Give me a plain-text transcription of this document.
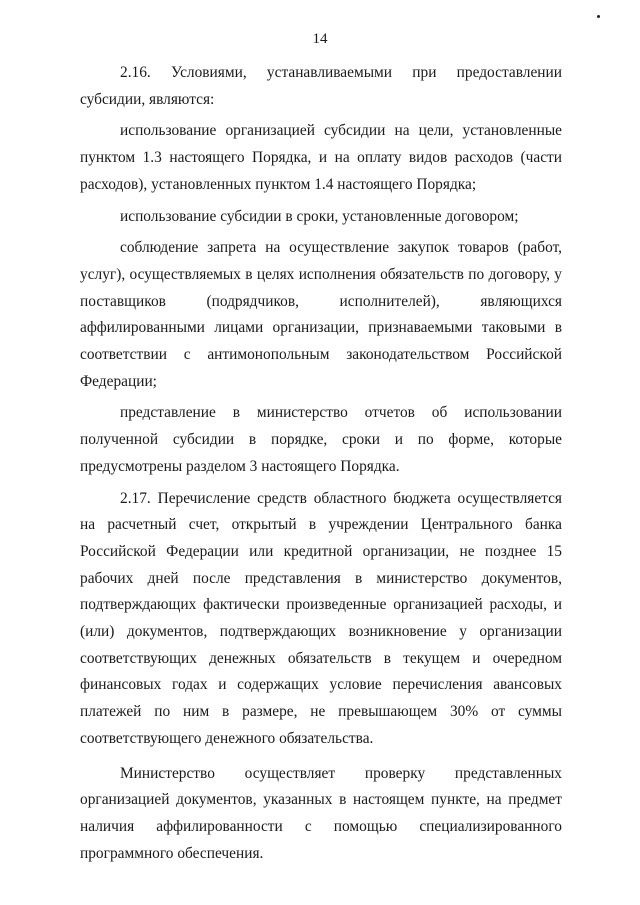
14

2.16. Условиями, устанавливаемыми при предоставлении субсидии, являются:

использование организацией субсидии на цели, установленные пунктом 1.3 настоящего Порядка, и на оплату видов расходов (части расходов), установленных пунктом 1.4 настоящего Порядка;

использование субсидии в сроки, установленные договором;

соблюдение запрета на осуществление закупок товаров (работ, услуг), осуществляемых в целях исполнения обязательств по договору, у поставщиков (подрядчиков, исполнителей), являющихся аффилированными лицами организации, признаваемыми таковыми в соответствии с антимонопольным законодательством Российской Федерации;

представление в министерство отчетов об использовании полученной субсидии в порядке, сроки и по форме, которые предусмотрены разделом 3 настоящего Порядка.

2.17. Перечисление средств областного бюджета осуществляется на расчетный счет, открытый в учреждении Центрального банка Российской Федерации или кредитной организации, не позднее 15 рабочих дней после представления в министерство документов, подтверждающих фактически произведенные организацией расходы, и (или) документов, подтверждающих возникновение у организации соответствующих денежных обязательств в текущем и очередном финансовых годах и содержащих условие перечисления авансовых платежей по ним в размере, не превышающем 30% от суммы соответствующего денежного обязательства.

Министерство осуществляет проверку представленных организацией документов, указанных в настоящем пункте, на предмет наличия аффилированности с помощью специализированного программного обеспечения.
